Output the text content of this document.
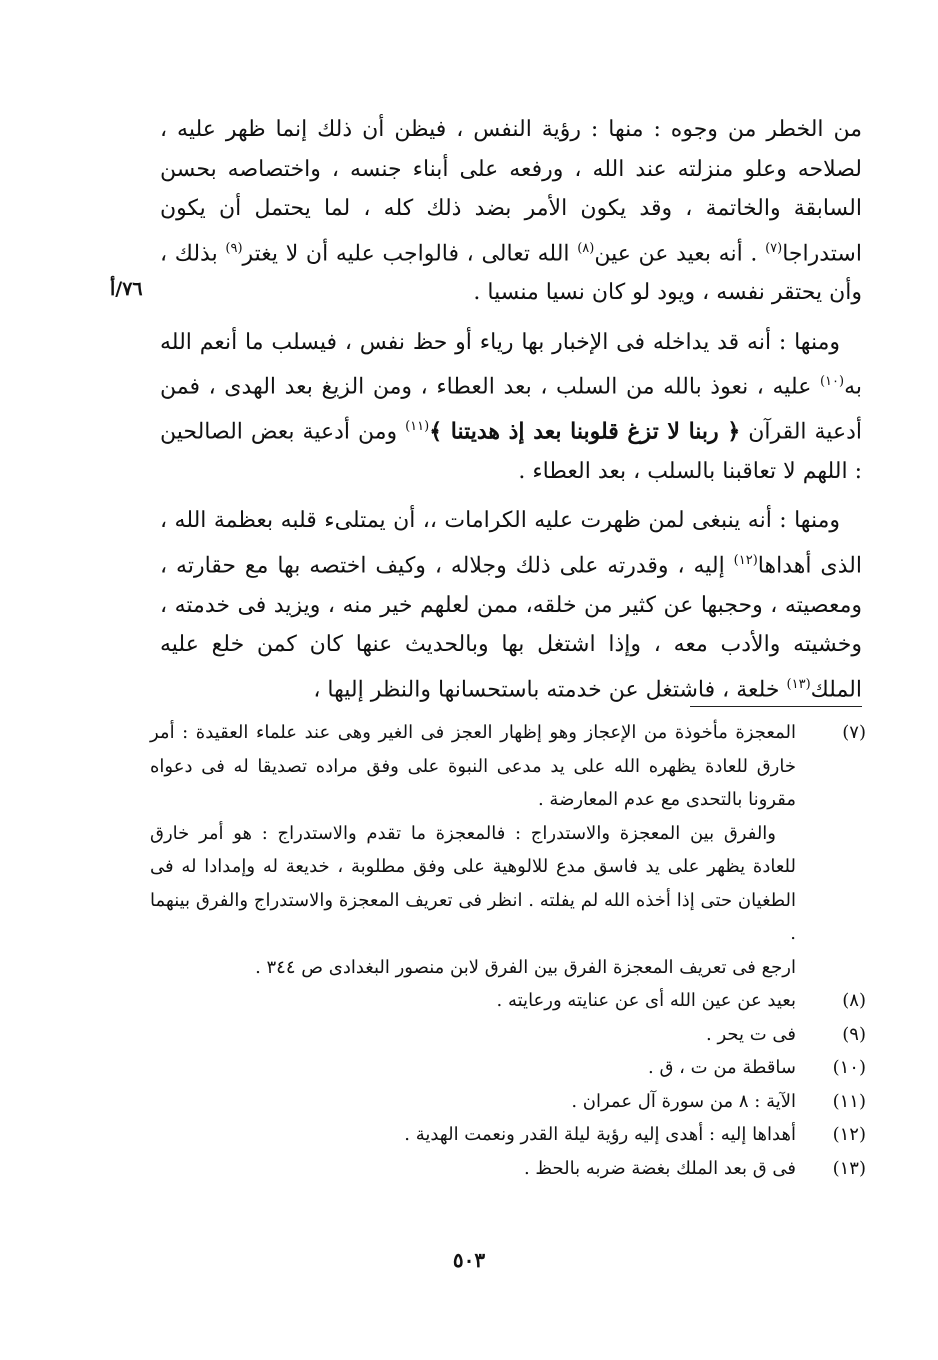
٧٦/أ

من الخطر من وجوه : منها : رؤية النفس ، فيظن أن ذلك إنما ظهر عليه ، لصلاحه وعلو منزلته عند الله ، ورفعه على أبناء جنسه ، واختصاصه بحسن السابقة والخاتمة ، وقد يكون الأمر بضد ذلك كله ، لما يحتمل أن يكون استدراجا$^{(٧)}$ . أنه بعيد عن عين$^{(٨)}$ الله تعالى ، فالواجب عليه أن لا يغتر$^{(٩)}$ بذلك ، وأن يحتقر نفسه ، ويود لو كان نسيا منسيا .

ومنها : أنه قد يداخله فى الإخبار بها رياء أو حظ نفس ، فيسلب ما أنعم الله به$^{(١٠)}$ عليه ، نعوذ بالله من السلب ، بعد العطاء ، ومن الزيغ بعد الهدى ، فمن أدعية القرآن ﴿ ربنا لا تزغ قلوبنا بعد إذ هديتنا ﴾$^{(١١)}$ ومن أدعية بعض الصالحين : اللهم لا تعاقبنا بالسلب ، بعد العطاء .

ومنها : أنه ينبغى لمن ظهرت عليه الكرامات ،، أن يمتلىء قلبه بعظمة الله ، الذى أهداها$^{(١٢)}$ إليه ، وقدرته على ذلك وجلاله ، وكيف اختصه بها مع حقارته ، ومعصيته ، وحجبها عن كثير من خلقه، ممن لعلهم خير منه ، ويزيد فى خدمته ، وخشيته والأدب معه ، وإذا اشتغل بها وبالحديث عنها كان كمن خلع عليه الملك$^{(١٣)}$ خلعة ، فاشتغل عن خدمته باستحسانها والنظر إليها ،

(٧)

المعجزة مأخوذة من الإعجاز وهو إظهار العجز فى الغير وهى عند علماء العقيدة : أمر خارق للعادة يظهره الله على يد مدعى النبوة على وفق مراده تصديقا له فى دعواه مقرونا بالتحدى مع عدم المعارضة .

والفرق بين المعجزة والاستدراج : فالمعجزة ما تقدم والاستدراج : هو أمر خارق للعادة يظهر على يد فاسق مدع للالوهية على وفق مطلوبة ، خديعة له وإمدادا له فى الطغيان حتى إذا أخذه الله لم يفلته . انظر فى تعريف المعجزة والاستدراج والفرق بينهما .

ارجع فى تعريف المعجزة الفرق بين الفرق لابن منصور البغدادى ص ٣٤٤ .

(٨)

بعيد عن عين الله أى عن عنايته ورعايته .

(٩)

فى ت يحر .

(١٠)

ساقطة من ت ، ق .

(١١)

الآية : ٨ من سورة آل عمران .

(١٢)

أهداها إليه : أهدى إليه رؤية ليلة القدر ونعمت الهدية .

(١٣)

فى ق بعد الملك بغضة ضربه بالحظ .

٥٠٣
